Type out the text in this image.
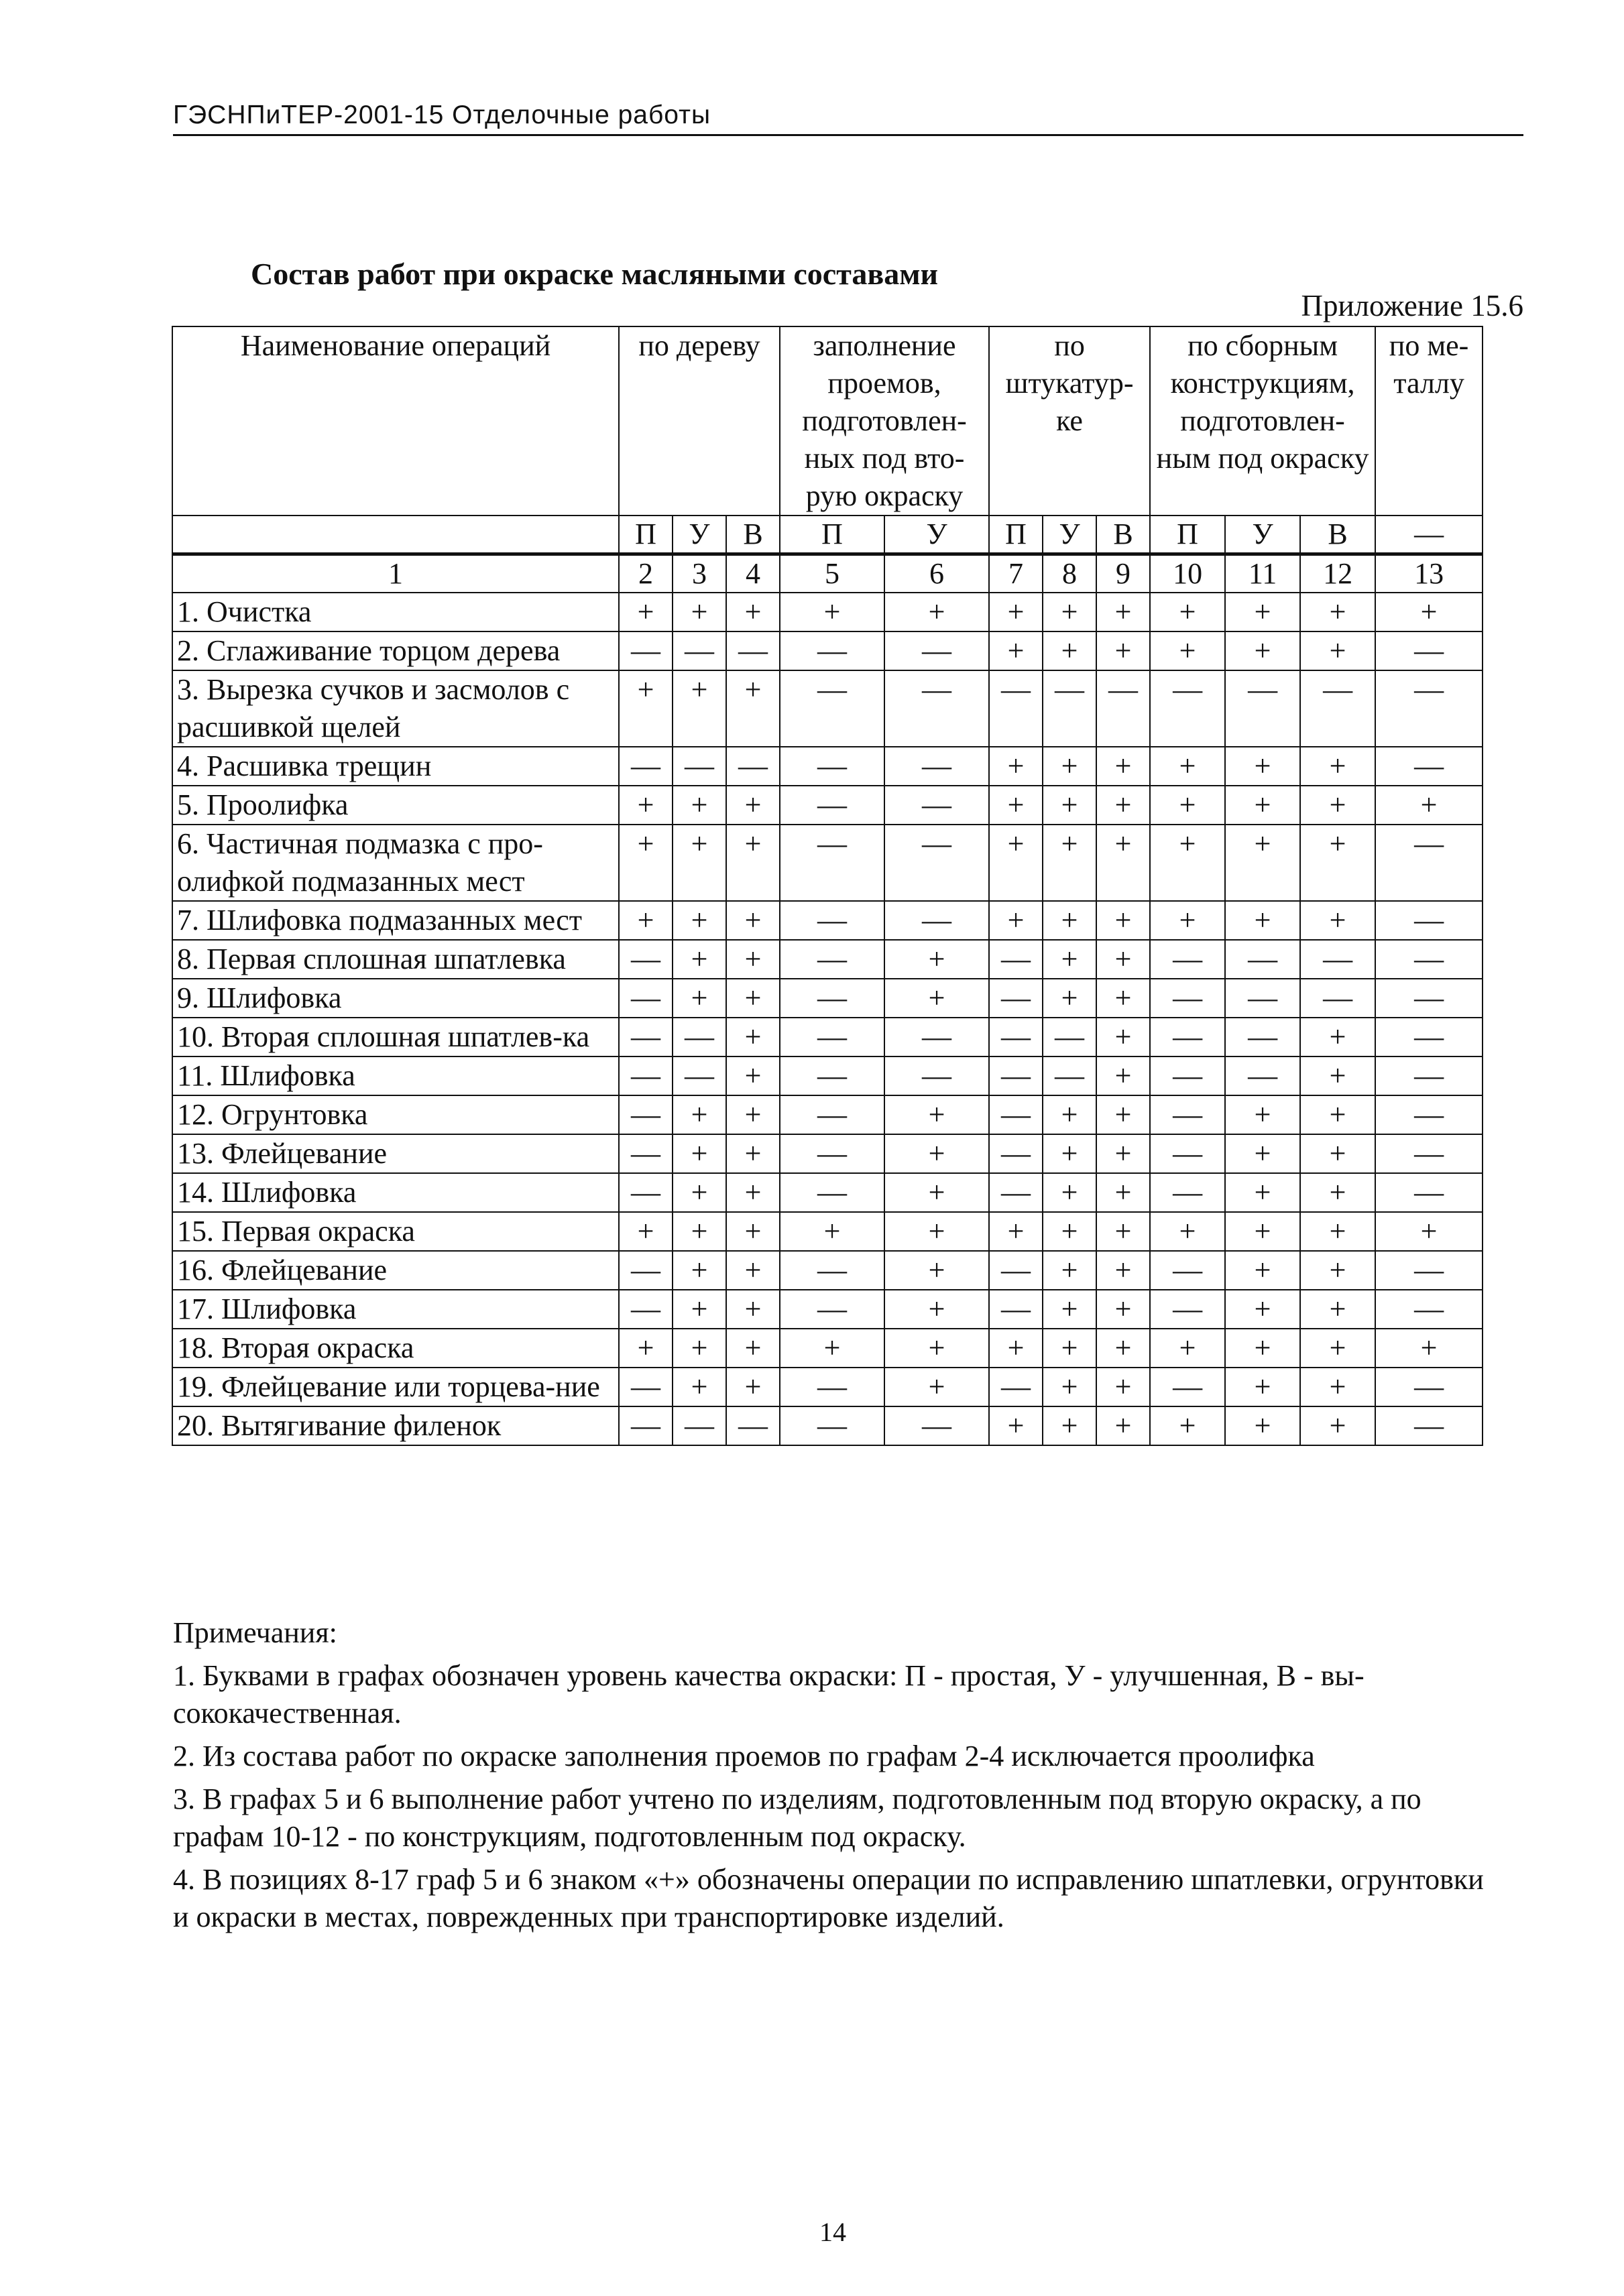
ГЭСНПиТЕР-2001-15 Отделочные работы
Состав работ при окраске масляными составами
Приложение 15.6
Наименование операций	по дереву			заполнение проемов, подготовлен-ных под вто-рую окраску		по штукатур-ке			по сборным конструкциям, подготовлен-ным под окраску			по ме-таллу
	П	У	В	П	У	П	У	В	П	У	В	—
1	2	3	4	5	6	7	8	9	10	11	12	13
1. Очистка	+	+	+	+	+	+	+	+	+	+	+	+
2. Сглаживание торцом дерева	—	—	—	—	—	+	+	+	+	+	+	—
3. Вырезка сучков и засмолов с расшивкой щелей	+	+	+	—	—	—	—	—	—	—	—	—
4. Расшивка трещин	—	—	—	—	—	+	+	+	+	+	+	—
5. Проолифка	+	+	+	—	—	+	+	+	+	+	+	+
6. Частичная подмазка с про-олифкой подмазанных мест	+	+	+	—	—	+	+	+	+	+	+	—
7. Шлифовка подмазанных мест	+	+	+	—	—	+	+	+	+	+	+	—
8. Первая сплошная шпатлевка	—	+	+	—	+	—	+	+	—	—	—	—
9. Шлифовка	—	+	+	—	+	—	+	+	—	—	—	—
10. Вторая сплошная шпатлев-ка	—	—	+	—	—	—	—	+	—	—	+	—
11. Шлифовка	—	—	+	—	—	—	—	+	—	—	+	—
12. Огрунтовка	—	+	+	—	+	—	+	+	—	+	+	—
13. Флейцевание	—	+	+	—	+	—	+	+	—	+	+	—
14. Шлифовка	—	+	+	—	+	—	+	+	—	+	+	—
15. Первая окраска	+	+	+	+	+	+	+	+	+	+	+	+
16. Флейцевание	—	+	+	—	+	—	+	+	—	+	+	—
17. Шлифовка	—	+	+	—	+	—	+	+	—	+	+	—
18. Вторая окраска	+	+	+	+	+	+	+	+	+	+	+	+
19. Флейцевание или торцева-ние	—	+	+	—	+	—	+	+	—	+	+	—
20. Вытягивание филенок	—	—	—	—	—	+	+	+	+	+	+	—

Примечания:

1. Буквами в графах обозначен уровень качества окраски: П - простая, У - улучшенная, В - вы-сококачественная.

2. Из состава работ по окраске заполнения проемов по графам 2-4 исключается проолифка

3. В графах 5 и 6 выполнение работ учтено по изделиям, подготовленным под вторую окраску, а по графам 10-12 - по конструкциям, подготовленным под окраску.

4. В позициях 8-17 граф 5 и 6 знаком «+» обозначены операции по исправлению шпатлевки, огрунтовки и окраски в местах, поврежденных при транспортировке изделий.

14
